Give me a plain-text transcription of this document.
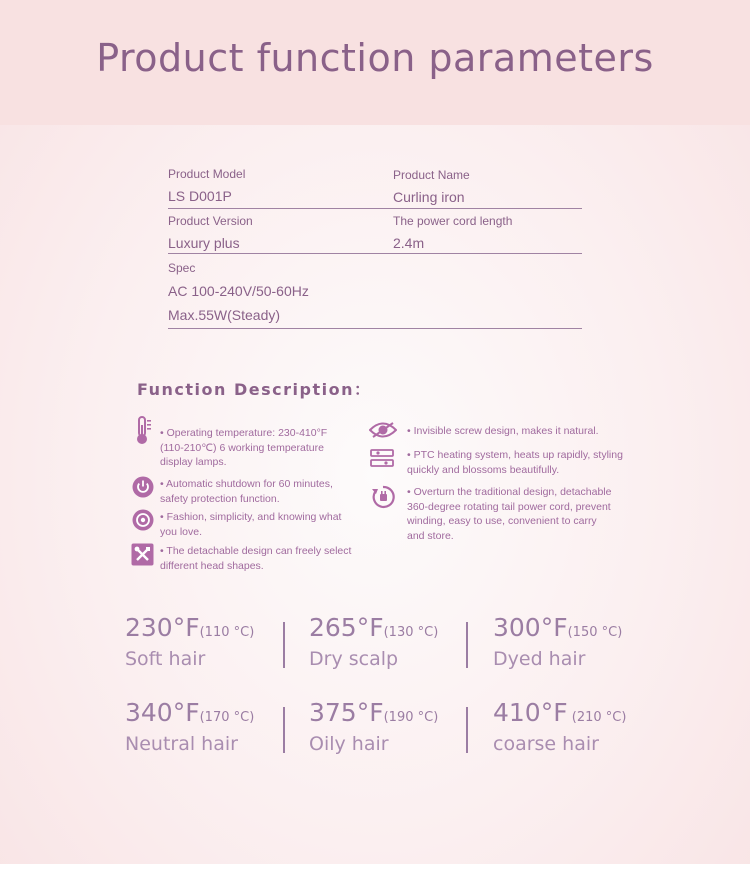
Product function parameters
Product Model
LS D001P
Product Name
Curling iron
Product Version
Luxury plus
The power cord length
2.4m
Spec
AC 100-240V/50-60Hz
Max.55W(Steady)
Function Description：
• Operating temperature: 230-410°F
(110-210℃) 6 working temperature
display lamps.
• Automatic shutdown for 60 minutes,
safety protection function.
• Fashion, simplicity, and knowing what
you love.
• The detachable design can freely select
different head shapes.
• Invisible screw design, makes it natural.
• PTC heating system, heats up rapidly, styling
quickly and blossoms beautifully.
• Overturn the traditional design, detachable
360-degree rotating tail power cord, prevent
winding, easy to use, convenient to carry
and store.
230°F(110 °C)
Soft hair
265°F(130 °C)
Dry scalp
300°F(150 °C)
Dyed hair
340°F(170 °C)
Neutral hair
375°F(190 °C)
Oily hair
410°F (210 °C)
coarse hair
